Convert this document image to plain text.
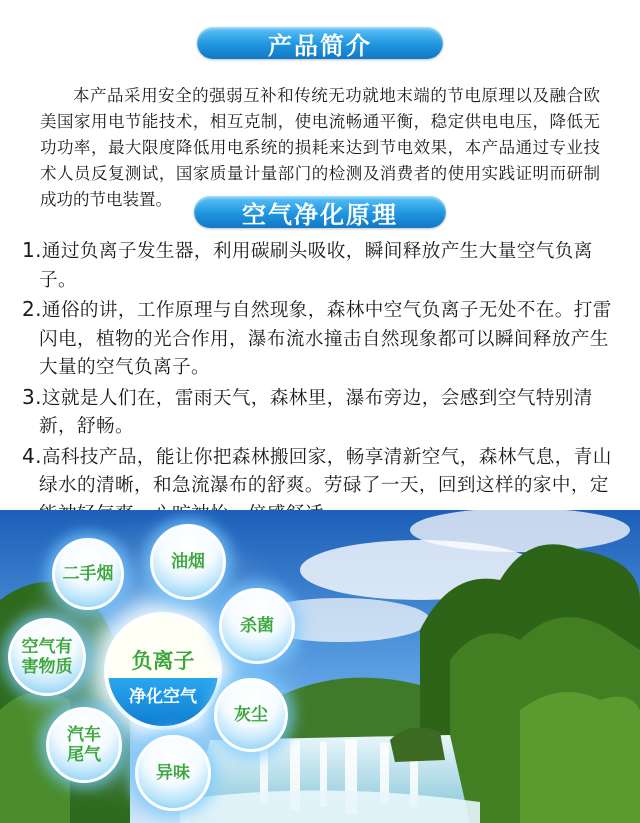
产品简介

本产品采用安全的强弱互补和传统无功就地末端的节电原理以及融合欧美国家用电节能技术，相互克制，使电流畅通平衡，稳定供电电压，降低无功功率，最大限度降低用电系统的损耗来达到节电效果，本产品通过专业技术人员反复测试，国家质量计量部门的检测及消费者的使用实践证明而研制成功的节电装置。

空气净化原理
1.通过负离子发生器，利用碳刷头吸收，瞬间释放产生大量空气负离子。
2.通俗的讲，工作原理与自然现象，森林中空气负离子无处不在。打雷闪电，植物的光合作用，瀑布流水撞击自然现象都可以瞬间释放产生大量的空气负离子。
3.这就是人们在，雷雨天气，森林里，瀑布旁边，会感到空气特别清新，舒畅。
4.高科技产品，能让你把森林搬回家，畅享清新空气，森林气息，青山绿水的清晰，和急流瀑布的舒爽。劳碌了一天，回到这样的家中，定
负离子
净化空气
二手烟
油烟
杀菌
灰尘
异味
汽车
尾气
空气有
害物质
